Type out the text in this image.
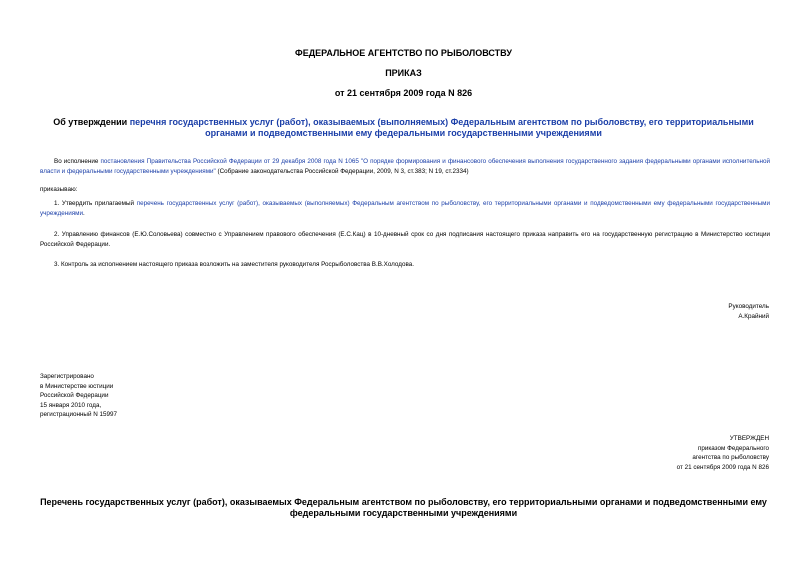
ФЕДЕРАЛЬНОЕ АГЕНТСТВО ПО РЫБОЛОВСТВУ
ПРИКАЗ
от 21 сентября 2009 года N 826
Об утверждении перечня государственных услуг (работ), оказываемых (выполняемых) Федеральным агентством по рыболовству, его территориальными органами и подведомственными ему федеральными государственными учреждениями
Во исполнение постановления Правительства Российской Федерации от 29 декабря 2008 года N 1065 "О порядке формирования и финансового обеспечения выполнения государственного задания федеральными органами исполнительной власти и федеральными государственными учреждениями" (Собрание законодательства Российской Федерации, 2009, N 3, ст.383; N 19, ст.2334)
приказываю:
1. Утвердить прилагаемый перечень государственных услуг (работ), оказываемых (выполняемых) Федеральным агентством по рыболовству, его территориальными органами и подведомственными ему федеральными государственными учреждениями.
2. Управлению финансов (Е.Ю.Соловьева) совместно с Управлением правового обеспечения (Е.С.Кац) в 10-дневный срок со дня подписания настоящего приказа направить его на государственную регистрацию в Министерство юстиции Российской Федерации.
3. Контроль за исполнением настоящего приказа возложить на заместителя руководителя Росрыболовства В.В.Холодова.
Руководитель
А.Крайний
Зарегистрировано
в Министерстве юстиции
Российской Федерации
15 января 2010 года,
регистрационный N 15997
УТВЕРЖДЕН
приказом Федерального
агентства по рыболовству
от 21 сентября 2009 года N 826
Перечень государственных услуг (работ), оказываемых Федеральным агентством по рыболовству, его территориальными органами и подведомственными ему федеральными государственными учреждениями
